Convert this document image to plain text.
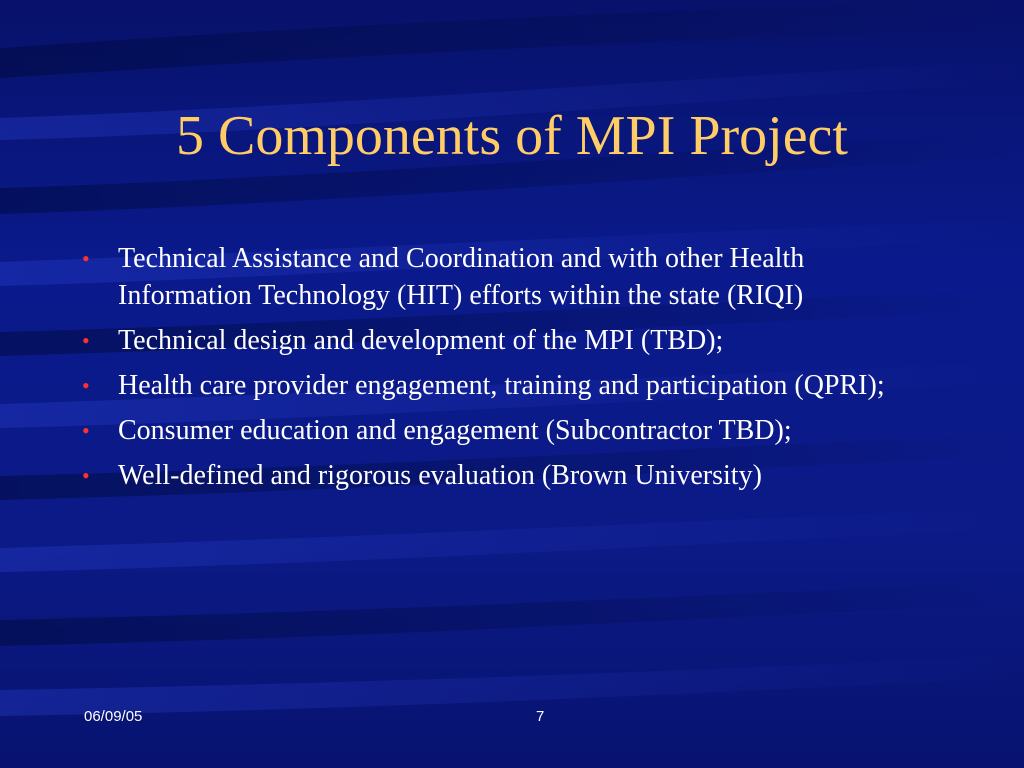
5 Components of MPI Project
• Technical Assistance and Coordination and with other Health Information Technology (HIT) efforts within the state (RIQI)
• Technical design and development of the MPI (TBD);
• Health care provider engagement, training and participation (QPRI);
• Consumer education and engagement (Subcontractor TBD);
• Well-defined and rigorous evaluation (Brown University)
06/09/05	7
